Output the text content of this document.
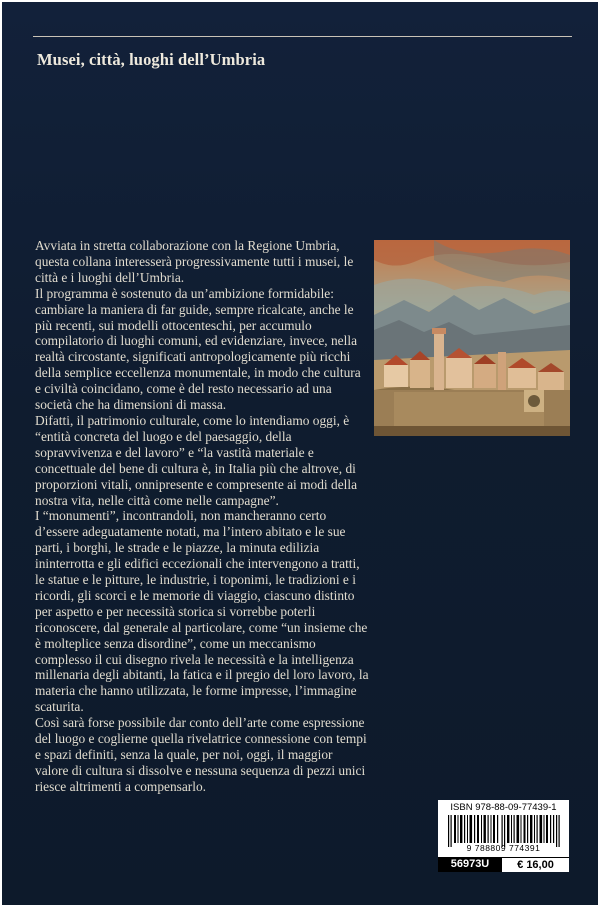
Musei, città, luoghi dell’Umbria

Avviata in stretta collaborazione con la Regione Umbria, questa collana interesserà progressivamente tutti i musei, le città e i luoghi dell’Umbria.

Il programma è sostenuto da un’ambizione formidabile: cambiare la maniera di far guide, sempre ricalcate, anche le più recenti, sui modelli ottocenteschi, per accumulo compilatorio di luoghi comuni, ed evidenziare, invece, nella realtà circostante, significati antropologicamente più ricchi della semplice eccellenza monumentale, in modo che cultura e civiltà coincidano, come è del resto necessario ad una società che ha dimensioni di massa.

Difatti, il patrimonio culturale, come lo intendiamo oggi, è “entità concreta del luogo e del paesaggio, della sopravvivenza e del lavoro” e “la vastità materiale e concettuale del bene di cultura è, in Italia più che altrove, di proporzioni vitali, onnipresente e compresente ai modi della nostra vita, nelle città come nelle campagne”.

I “monumenti”, incontrandoli, non mancheranno certo d’essere adeguatamente notati, ma l’intero abitato e le sue parti, i borghi, le strade e le piazze, la minuta edilizia ininterrotta e gli edifici eccezionali che intervengono a tratti, le statue e le pitture, le industrie, i toponimi, le tradizioni e i ricordi, gli scorci e le memorie di viaggio, ciascuno distinto per aspetto e per necessità storica si vorrebbe poterli riconoscere, dal generale al particolare, come “un insieme che è molteplice senza disordine”, come un meccanismo complesso il cui disegno rivela le necessità e la intelligenza millenaria degli abitanti, la fatica e il pregio del loro lavoro, la materia che hanno utilizzata, le forme impresse, l’immagine scaturita.

Così sarà forse possibile dar conto dell’arte come espressione del luogo e coglierne quella rivelatrice connessione con tempi e spazi definiti, senza la quale, per noi, oggi, il maggior valore di cultura si dissolve e nessuna sequenza di pezzi unici riesce altrimenti a compensarlo.

ISBN 978-88-09-77439-1
9 788809 774391
56973U	€ 16,00
